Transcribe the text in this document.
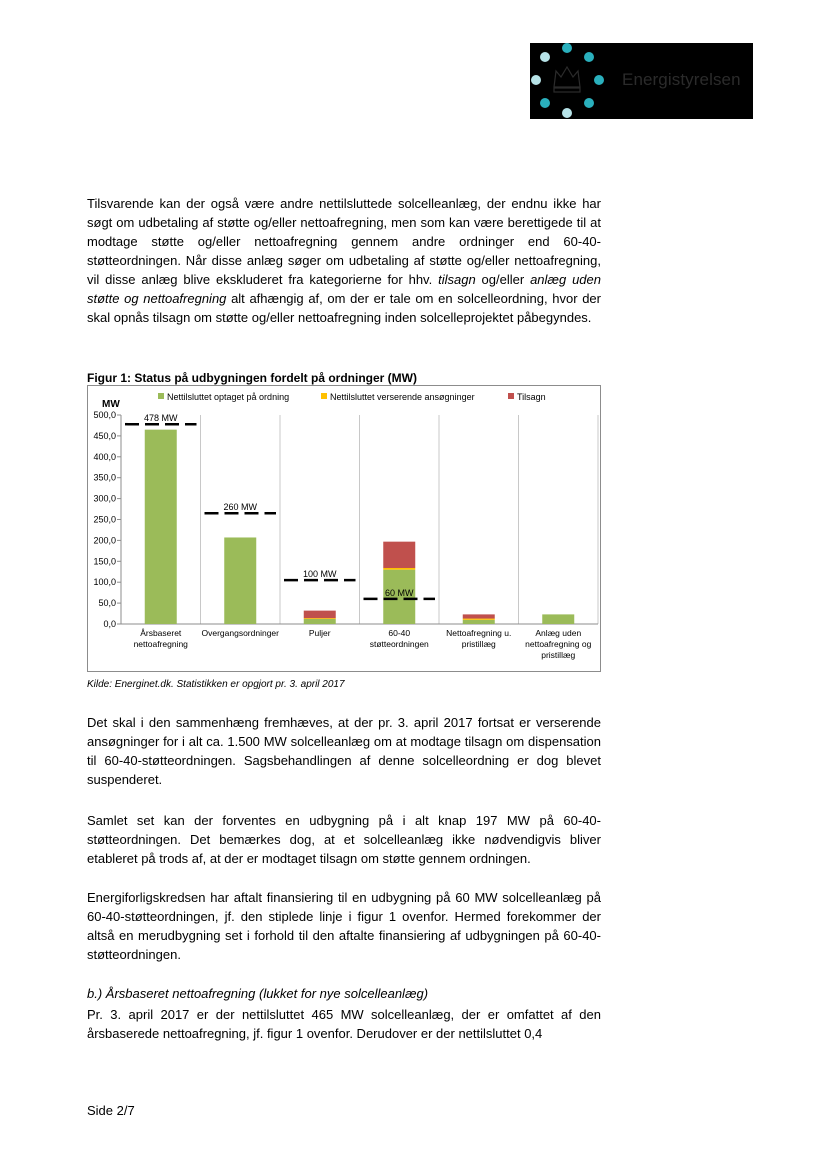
Energistyrelsen

Tilsvarende kan der også være andre nettilsluttede solcelleanlæg, der endnu ikke har søgt om udbetaling af støtte og/eller nettoafregning, men som kan være berettigede til at modtage støtte og/eller nettoafregning gennem andre ordninger end 60-40-støtteordningen. Når disse anlæg søger om udbetaling af støtte og/eller nettoafregning, vil disse anlæg blive ekskluderet fra kategorierne for hhv. tilsagn og/eller anlæg uden støtte og nettoafregning alt afhængig af, om der er tale om en solcelleordning, hvor der skal opnås tilsagn om støtte og/eller nettoafregning inden solcelleprojektet påbegyndes.

Figur 1: Status på udbygningen fordelt på ordninger (MW)

0,0
50,0
100,0
150,0
200,0
250,0
300,0
350,0
400,0
450,0
500,0
MW
Nettilsluttet optaget på ordning	Nettilsluttet verserende ansøgninger	Tilsagn
Årsbaseret
nettoafregning
Overgangsordninger	Puljer	60-40
støtteordningen
Nettoafregning u.
pristillæg
Anlæg uden
nettoafregning og
pristillæg
478 MW
260 MW
100 MW
60 MW

Kilde: Energinet.dk. Statistikken er opgjort pr. 3. april 2017

Det skal i den sammenhæng fremhæves, at der pr. 3. april 2017 fortsat er verserende ansøgninger for i alt ca. 1.500 MW solcelleanlæg om at modtage tilsagn om dispensation til 60-40-støtteordningen. Sagsbehandlingen af denne solcelleordning er dog blevet suspenderet.

Samlet set kan der forventes en udbygning på i alt knap 197 MW på 60-40-støtteordningen. Det bemærkes dog, at et solcelleanlæg ikke nødvendigvis bliver etableret på trods af, at der er modtaget tilsagn om støtte gennem ordningen.

Energiforligskredsen har aftalt finansiering til en udbygning på 60 MW solcelleanlæg på 60-40-støtteordningen, jf. den stiplede linje i figur 1 ovenfor. Hermed forekommer der altså en merudbygning set i forhold til den aftalte finansiering af udbygningen på 60-40-støtteordningen.

b.) Årsbaseret nettoafregning (lukket for nye solcelleanlæg)

Pr. 3. april 2017 er der nettilsluttet 465 MW solcelleanlæg, der er omfattet af den årsbaserede nettoafregning, jf. figur 1 ovenfor. Derudover er der nettilsluttet 0,4

Side 2/7
